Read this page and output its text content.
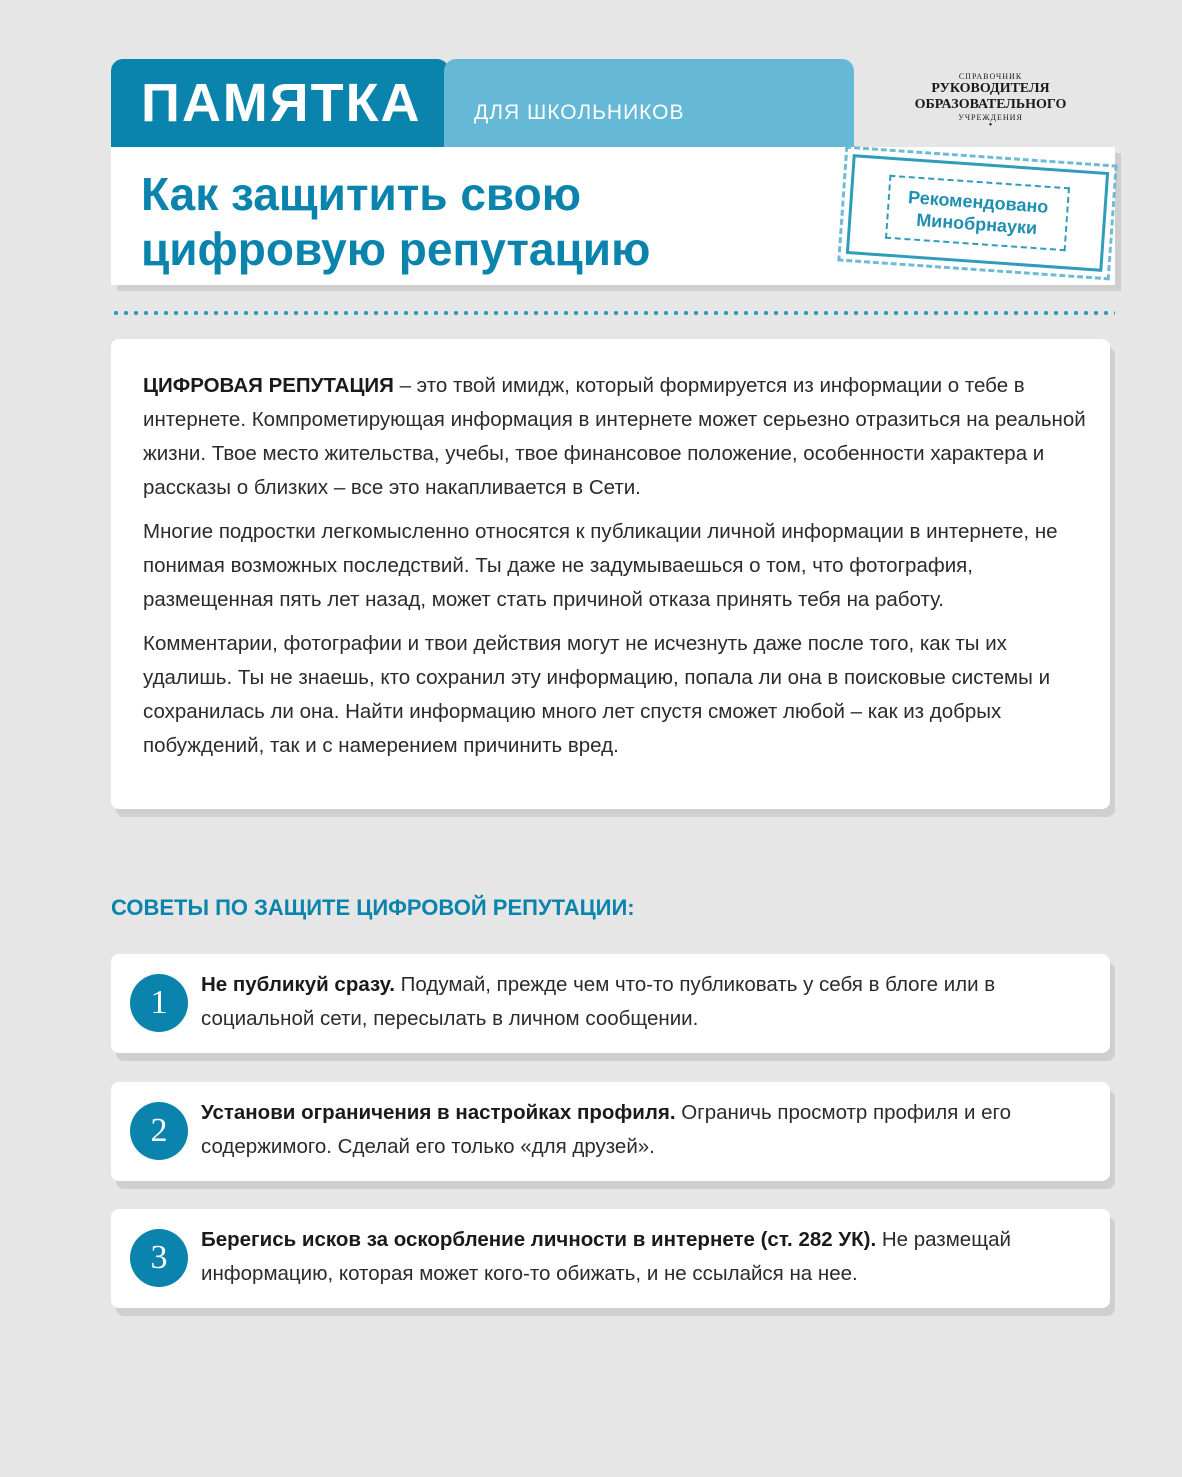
ПАМЯТКА ДЛЯ ШКОЛЬНИКОВ
СПРАВОЧНИК
РУКОВОДИТЕЛЯ
ОБРАЗОВАТЕЛЬНОГО
УЧРЕЖДЕНИЯ
•
Как защитить свою
цифровую репутацию
Рекомендовано
Минобрнауки

ЦИФРОВАЯ РЕПУТАЦИЯ – это твой имидж, который формируется из информации о тебе в интернете. Компрометирующая информация в интернете может серьезно отразиться на реальной жизни. Твое место жительства, учебы, твое финансовое положение, особенности характера и рассказы о близких – все это накапливается в Сети.

Многие подростки легкомысленно относятся к публикации личной информации в интернете, не понимая возможных последствий. Ты даже не задумываешься о том, что фотография, размещенная пять лет назад, может стать причиной отказа принять тебя на работу.

Комментарии, фотографии и твои действия могут не исчезнуть даже после того, как ты их удалишь. Ты не знаешь, кто сохранил эту информацию, попала ли она в поисковые системы и сохранилась ли она. Найти информацию много лет спустя сможет любой – как из добрых побуждений, так и с намерением причинить вред.

СОВЕТЫ ПО ЗАЩИТЕ ЦИФРОВОЙ РЕПУТАЦИИ:
1	Не публикуй сразу. Подумай, прежде чем что-то публиковать у себя в блоге или в социальной сети, пересылать в личном сообщении.
2	Установи ограничения в настройках профиля. Ограничь просмотр профиля и его содержимого. Сделай его только «для друзей».
3	Берегись исков за оскорбление личности в интернете (ст. 282 УК). Не размещай информацию, которая может кого-то обижать, и не ссылайся на нее.
